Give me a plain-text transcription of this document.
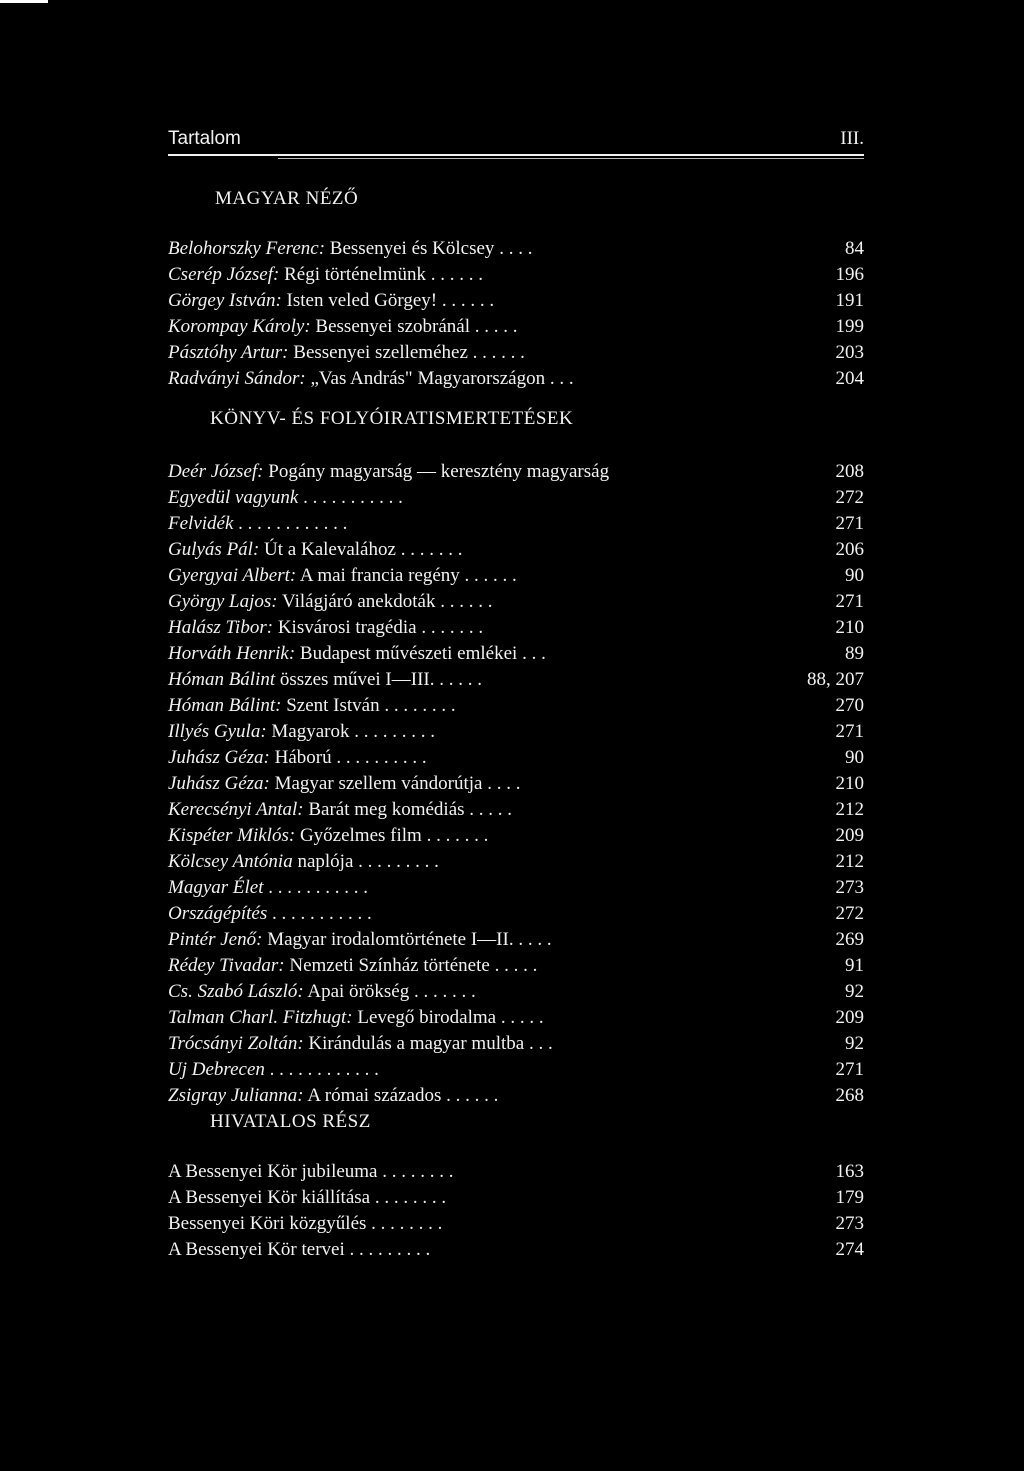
Tartalom	III.
MAGYAR NÉZŐ
Belohorszky Ferenc: Bessenyei és Kölcsey . . . .	84
Cserép József: Régi történelmünk . . . . . .	196
Görgey István: Isten veled Görgey! . . . . . .	191
Korompay Károly: Bessenyei szobránál . . . . .	199
Pásztóhy Artur: Bessenyei szelleméhez . . . . . .	203
Radványi Sándor: „Vas András" Magyarországon . . .	204
KÖNYV- ÉS FOLYÓIRATISMERTETÉSEK
Deér József: Pogány magyarság — keresztény magyarság	208
Egyedül vagyunk . . . . . . . . . . .	272
Felvidék . . . . . . . . . . . .	271
Gulyás Pál: Út a Kalevalához . . . . . . .	206
Gyergyai Albert: A mai francia regény . . . . . .	90
György Lajos: Világjáró anekdoták . . . . . .	271
Halász Tibor: Kisvárosi tragédia . . . . . . .	210
Horváth Henrik: Budapest művészeti emlékei . . .	89
Hóman Bálint összes művei I—III. . . . . .	88, 207
Hóman Bálint: Szent István . . . . . . . .	270
Illyés Gyula: Magyarok . . . . . . . . .	271
Juhász Géza: Háború . . . . . . . . . .	90
Juhász Géza: Magyar szellem vándorútja . . . .	210
Kerecsényi Antal: Barát meg komédiás . . . . .	212
Kispéter Miklós: Győzelmes film . . . . . . .	209
Kölcsey Antónia naplója . . . . . . . . .	212
Magyar Élet . . . . . . . . . . .	273
Országépítés . . . . . . . . . . .	272
Pintér Jenő: Magyar irodalomtörténete I—II. . . . .	269
Rédey Tivadar: Nemzeti Színház története . . . . .	91
Cs. Szabó László: Apai örökség . . . . . . .	92
Talman Charl. Fitzhugt: Levegő birodalma . . . . .	209
Trócsányi Zoltán: Kirándulás a magyar multba . . .	92
Uj Debrecen . . . . . . . . . . . .	271
Zsigray Julianna: A római százados . . . . . .	268
HIVATALOS RÉSZ
A Bessenyei Kör jubileuma . . . . . . . .	163
A Bessenyei Kör kiállítása . . . . . . . .	179
Bessenyei Köri közgyűlés . . . . . . . .	273
A Bessenyei Kör tervei . . . . . . . . .	274
